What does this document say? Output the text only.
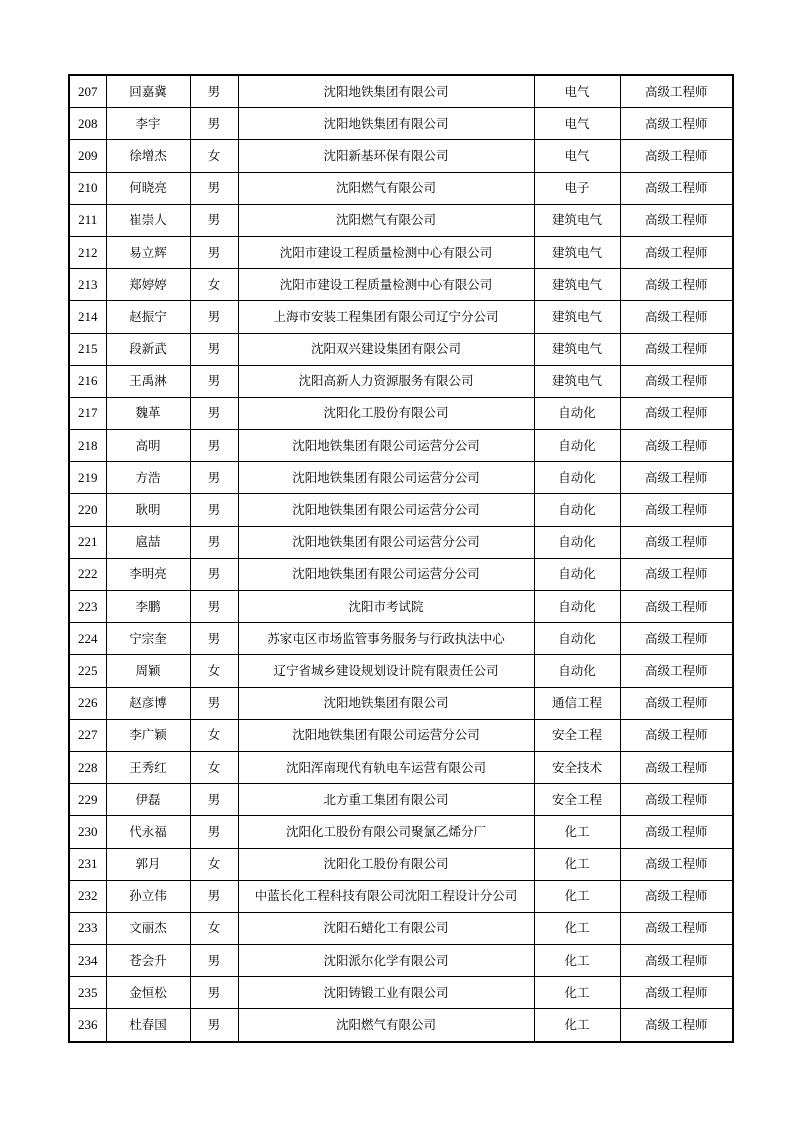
207	回嘉冀	男	沈阳地铁集团有限公司	电气	高级工程师
208	李宇	男	沈阳地铁集团有限公司	电气	高级工程师
209	徐增杰	女	沈阳新基环保有限公司	电气	高级工程师
210	何晓亮	男	沈阳燃气有限公司	电子	高级工程师
211	崔崇人	男	沈阳燃气有限公司	建筑电气	高级工程师
212	易立辉	男	沈阳市建设工程质量检测中心有限公司	建筑电气	高级工程师
213	郑婷婷	女	沈阳市建设工程质量检测中心有限公司	建筑电气	高级工程师
214	赵振宁	男	上海市安装工程集团有限公司辽宁分公司	建筑电气	高级工程师
215	段新武	男	沈阳双兴建设集团有限公司	建筑电气	高级工程师
216	王禹淋	男	沈阳高新人力资源服务有限公司	建筑电气	高级工程师
217	魏革	男	沈阳化工股份有限公司	自动化	高级工程师
218	高明	男	沈阳地铁集团有限公司运营分公司	自动化	高级工程师
219	方浩	男	沈阳地铁集团有限公司运营分公司	自动化	高级工程师
220	耿明	男	沈阳地铁集团有限公司运营分公司	自动化	高级工程师
221	扈喆	男	沈阳地铁集团有限公司运营分公司	自动化	高级工程师
222	李明亮	男	沈阳地铁集团有限公司运营分公司	自动化	高级工程师
223	李鹏	男	沈阳市考试院	自动化	高级工程师
224	宁宗奎	男	苏家屯区市场监管事务服务与行政执法中心	自动化	高级工程师
225	周颖	女	辽宁省城乡建设规划设计院有限责任公司	自动化	高级工程师
226	赵彦博	男	沈阳地铁集团有限公司	通信工程	高级工程师
227	李广颖	女	沈阳地铁集团有限公司运营分公司	安全工程	高级工程师
228	王秀红	女	沈阳浑南现代有轨电车运营有限公司	安全技术	高级工程师
229	伊磊	男	北方重工集团有限公司	安全工程	高级工程师
230	代永福	男	沈阳化工股份有限公司聚氯乙烯分厂	化工	高级工程师
231	郭月	女	沈阳化工股份有限公司	化工	高级工程师
232	孙立伟	男	中蓝长化工程科技有限公司沈阳工程设计分公司	化工	高级工程师
233	文丽杰	女	沈阳石蜡化工有限公司	化工	高级工程师
234	苍会升	男	沈阳派尔化学有限公司	化工	高级工程师
235	金恒松	男	沈阳铸锻工业有限公司	化工	高级工程师
236	杜春国	男	沈阳燃气有限公司	化工	高级工程师
